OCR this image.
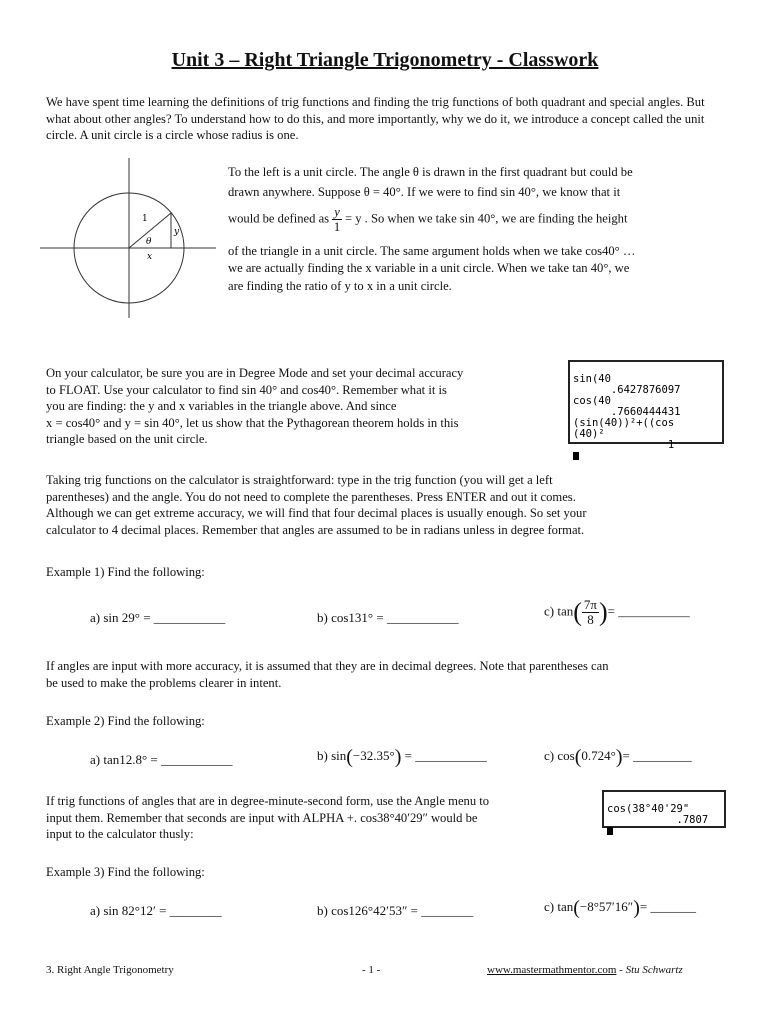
Unit 3 – Right Triangle Trigonometry - Classwork
We have spent time learning the definitions of trig functions and finding the trig functions of both quadrant and special angles. But what about other angles? To understand how to do this, and more importantly, why we do it, we introduce a concept called the unit circle. A unit circle is a circle whose radius is one.
1
y
θ
x
To the left is a unit circle. The angle θ is drawn in the first quadrant but could be
drawn anywhere. Suppose θ = 40°. If we were to find sin 40°, we know that it
would be defined as $\frac{y}{1} = y$ . So when we take sin 40°, we are finding the height
of the triangle in a unit circle. The same argument holds when we take cos40° …
we are actually finding the x variable in a unit circle. When we take tan 40°, we
are finding the ratio of y to x in a unit circle.
On your calculator, be sure you are in Degree Mode and set your decimal accuracy
to FLOAT. Use your calculator to find sin 40° and cos40°. Remember what it is
you are finding: the y and x variables in the triangle above. And since
x = cos40° and y = sin 40°, let us show that the Pythagorean theorem holds in this
triangle based on the unit circle.

sin(40
.6427876097
cos(40
.7660444431
(sin(40))²+((cos
(40)²
1
Taking trig functions on the calculator is straightforward: type in the trig function (you will get a left
parentheses) and the angle. You do not need to complete the parentheses. Press ENTER and out it comes.
Although we can get extreme accuracy, we will find that four decimal places is usually enough. So set your
calculator to 4 decimal places. Remember that angles are assumed to be in radians unless in degree format.
Example 1) Find the following:
a) sin 29° = ___________	b) cos131° = ___________	c) $\tan( \frac{7\pi}{8}$ )= ___________
If angles are input with more accuracy, it is assumed that they are in decimal degrees. Note that parentheses can
be used to make the problems clearer in intent.
Example 2) Find the following:
a) tan12.8° = ___________	b) sin(−32.35°) = ___________	c) cos(0.724°)= _________
If trig functions of angles that are in degree-minute-second form, use the Angle menu to
input them. Remember that seconds are input with ALPHA +. cos38°40′29″ would be
input to the calculator thusly:

cos(38°40'29"
.7807
Example 3) Find the following:
a) sin 82°12′ = ________	b) cos126°42′53″ = ________	c) tan(−8°57′16″)= _______
3. Right Angle Trigonometry	- 1 -	www.mastermathmentor.com - Stu Schwartz
